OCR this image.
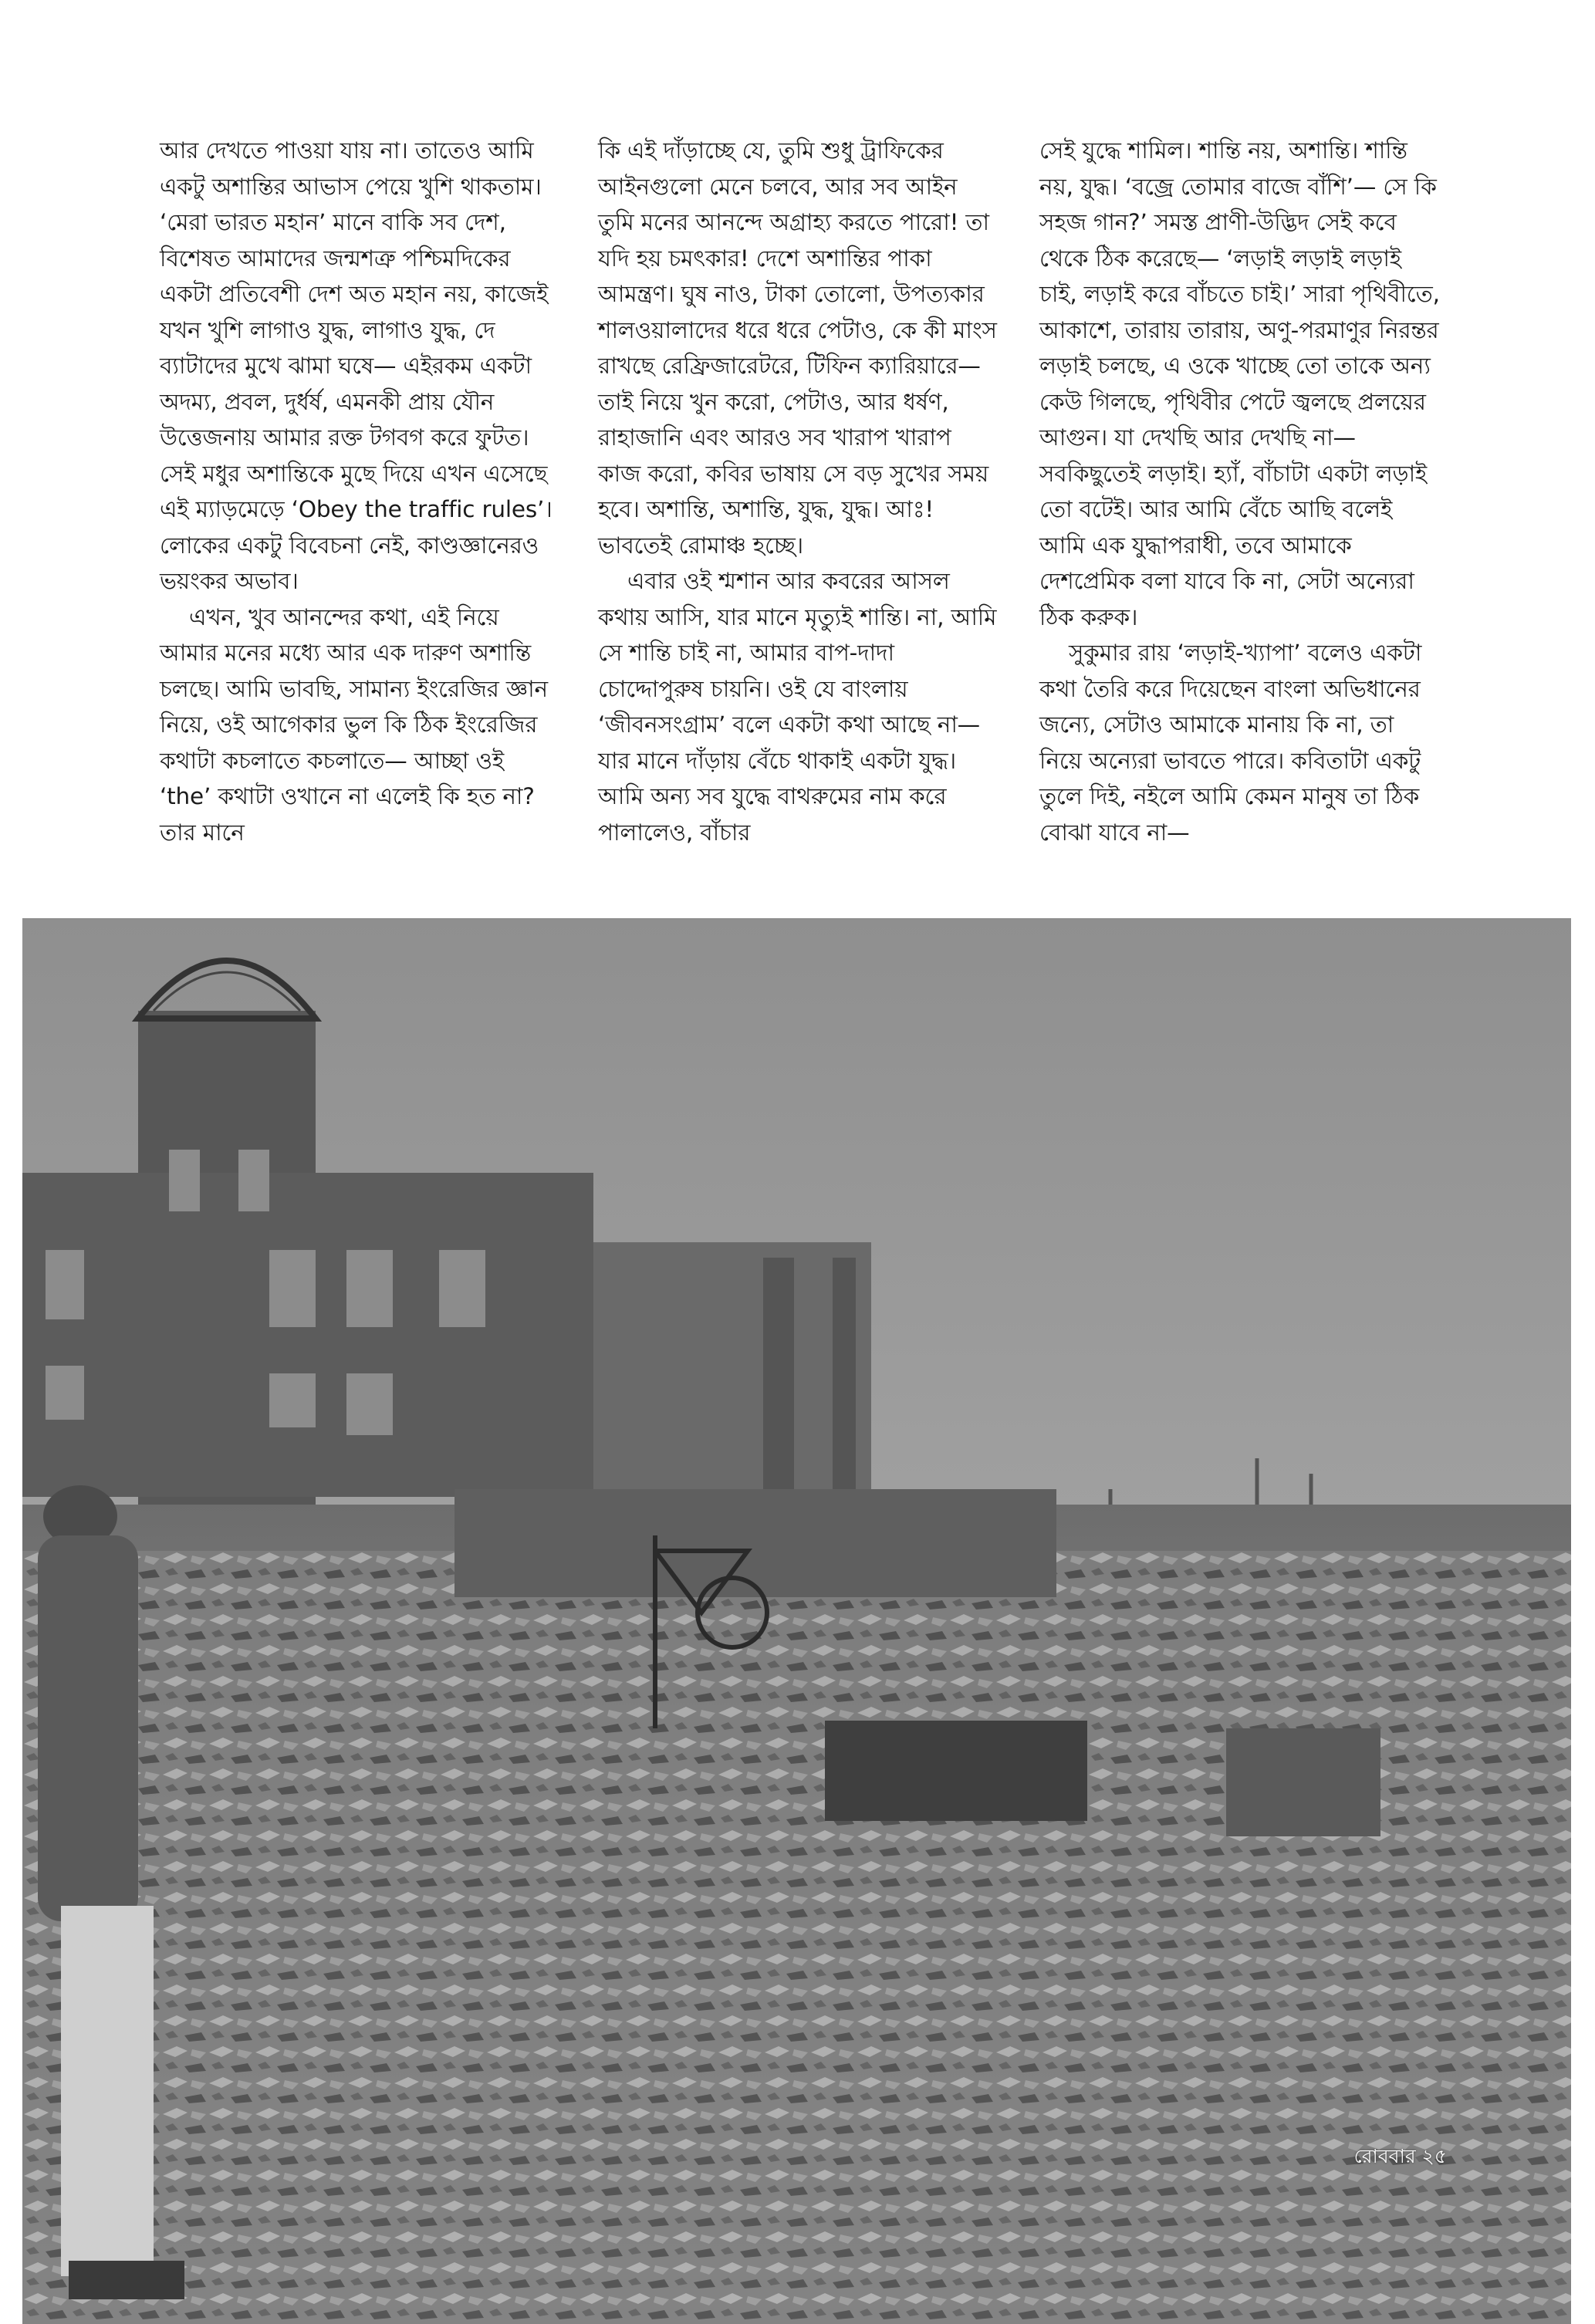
আর দেখতে পাওয়া যায় না। তাতেও আমি একটু অশান্তির আভাস পেয়ে খুশি থাকতাম। ‘মেরা ভারত মহান’ মানে বাকি সব দেশ, বিশেষত আমাদের জন্মশত্রু পশ্চিমদিকের একটা প্রতিবেশী দেশ অত মহান নয়, কাজেই যখন খুশি লাগাও যুদ্ধ, লাগাও যুদ্ধ, দে ব্যাটাদের মুখে ঝামা ঘষে— এইরকম একটা অদম্য, প্রবল, দুর্ধর্ষ, এমনকী প্রায় যৌন উত্তেজনায় আমার রক্ত টগবগ করে ফুটত। সেই মধুর অশান্তিকে মুছে দিয়ে এখন এসেছে এই ম্যাড়মেড়ে ‘Obey the traffic rules’। লোকের একটু বিবেচনা নেই, কাণ্ডজ্ঞানেরও ভয়ংকর অভাব।

এখন, খুব আনন্দের কথা, এই নিয়ে আমার মনের মধ্যে আর এক দারুণ অশান্তি চলছে। আমি ভাবছি, সামান্য ইংরেজির জ্ঞান নিয়ে, ওই আগেকার ভুল কি ঠিক ইংরেজির কথাটা কচলাতে কচলাতে— আচ্ছা ওই ‘the’ কথাটা ওখানে না এলেই কি হত না? তার মানে

কি এই দাঁড়াচ্ছে যে, তুমি শুধু ট্রাফিকের আইনগুলো মেনে চলবে, আর সব আইন তুমি মনের আনন্দে অগ্রাহ্য করতে পারো! তা যদি হয় চমৎকার! দেশে অশান্তির পাকা আমন্ত্রণ। ঘুষ নাও, টাকা তোলো, উপত্যকার শালওয়ালাদের ধরে ধরে পেটাও, কে কী মাংস রাখছে রেফ্রিজারেটরে, টিফিন ক্যারিয়ারে— তাই নিয়ে খুন করো, পেটাও, আর ধর্ষণ, রাহাজানি এবং আরও সব খারাপ খারাপ কাজ করো, কবির ভাষায় সে বড় সুখের সময় হবে। অশান্তি, অশান্তি, যুদ্ধ, যুদ্ধ। আঃ! ভাবতেই রোমাঞ্চ হচ্ছে।

এবার ওই শ্মশান আর কবরের আসল কথায় আসি, যার মানে মৃত্যুই শান্তি। না, আমি সে শান্তি চাই না, আমার বাপ-দাদা চোদ্দোপুরুষ চায়নি। ওই যে বাংলায় ‘জীবনসংগ্রাম’ বলে একটা কথা আছে না— যার মানে দাঁড়ায় বেঁচে থাকাই একটা যুদ্ধ। আমি অন্য সব যুদ্ধে বাথরুমের নাম করে পালালেও, বাঁচার

সেই যুদ্ধে শামিল। শান্তি নয়, অশান্তি। শান্তি নয়, যুদ্ধ। ‘বজ্রে তোমার বাজে বাঁশি’— সে কি সহজ গান?’ সমস্ত প্রাণী-উদ্ভিদ সেই কবে থেকে ঠিক করেছে— ‘লড়াই লড়াই লড়াই চাই, লড়াই করে বাঁচতে চাই।’ সারা পৃথিবীতে, আকাশে, তারায় তারায়, অণু-পরমাণুর নিরন্তর লড়াই চলছে, এ ওকে খাচ্ছে তো তাকে অন্য কেউ গিলছে, পৃথিবীর পেটে জ্বলছে প্রলয়ের আগুন। যা দেখছি আর দেখছি না— সবকিছুতেই লড়াই। হ্যাঁ, বাঁচাটা একটা লড়াই তো বটেই। আর আমি বেঁচে আছি বলেই আমি এক যুদ্ধাপরাধী, তবে আমাকে দেশপ্রেমিক বলা যাবে কি না, সেটা অন্যেরা ঠিক করুক।

সুকুমার রায় ‘লড়াই-খ্যাপা’ বলেও একটা কথা তৈরি করে দিয়েছেন বাংলা অভিধানের জন্যে, সেটাও আমাকে মানায় কি না, তা নিয়ে অন্যেরা ভাবতে পারে। কবিতাটা একটু তুলে দিই, নইলে আমি কেমন মানুষ তা ঠিক বোঝা যাবে না—

রোববার ২৫
